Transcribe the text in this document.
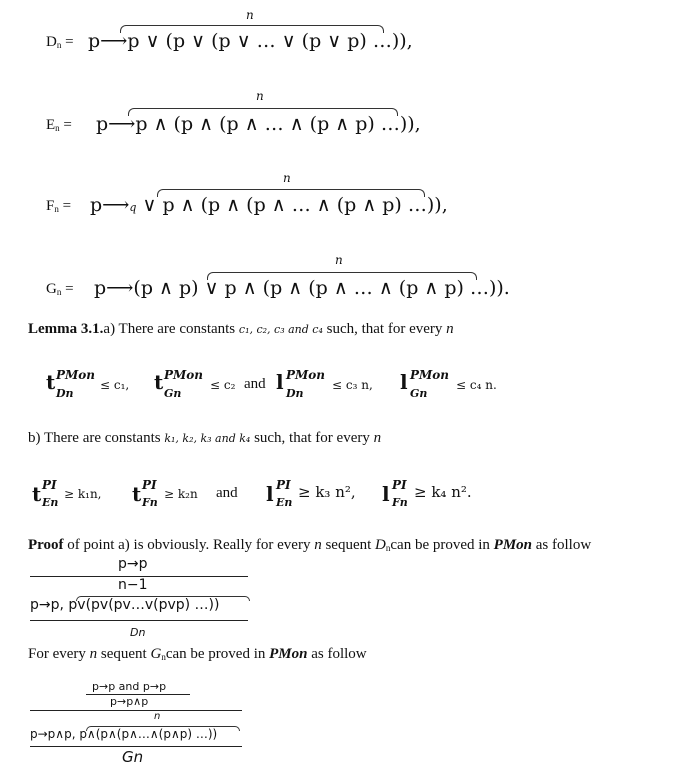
$D_n$ = p⟶p ∨ (p ∨ (p ∨ … ∨ (p ∨ p) …)),
n
$E_n$ = p⟶p ∧ (p ∧ (p ∧ … ∧ (p ∧ p) …)),
n
$F_n$ = p⟶q ∨ p ∧ (p ∧ (p ∧ … ∧ (p ∧ p) …)),
n
$G_n$ = p⟶(p ∧ p) ∨ p ∧ (p ∧ (p ∧ … ∧ (p ∧ p) …)).
n
Lemma 3.1.a) There are constants c₁, c₂, c₃ and c₄ such, that for every n
t PMon
Dn
≤ c₁, t PMon
Gn
≤ c₂ and l PMon
Dn
≤ c₃ n, l PMon
Gn
≤ c₄ n.
b) There are constants k₁, k₂, k₃ and k₄ such, that for every n
t PI
En
≥ k₁n, t PI
Fn
≥ k₂n and l PI
En
≥ k₃ n², l PI
Fn
≥ k₄ n².
Proof of point a) is obviously. Really for every n sequent $D_ncan$ be proved in PMon as follow
p→p
n−1
p→p, pv(pv(pv…v(pvp) …))
Dn
For every n sequent $G_ncan$ be proved in PMon as follow
p→p and p→p
p→p∧p
n
p→p∧p, p∧(p∧(p∧…∧(p∧p) …))
Gn
